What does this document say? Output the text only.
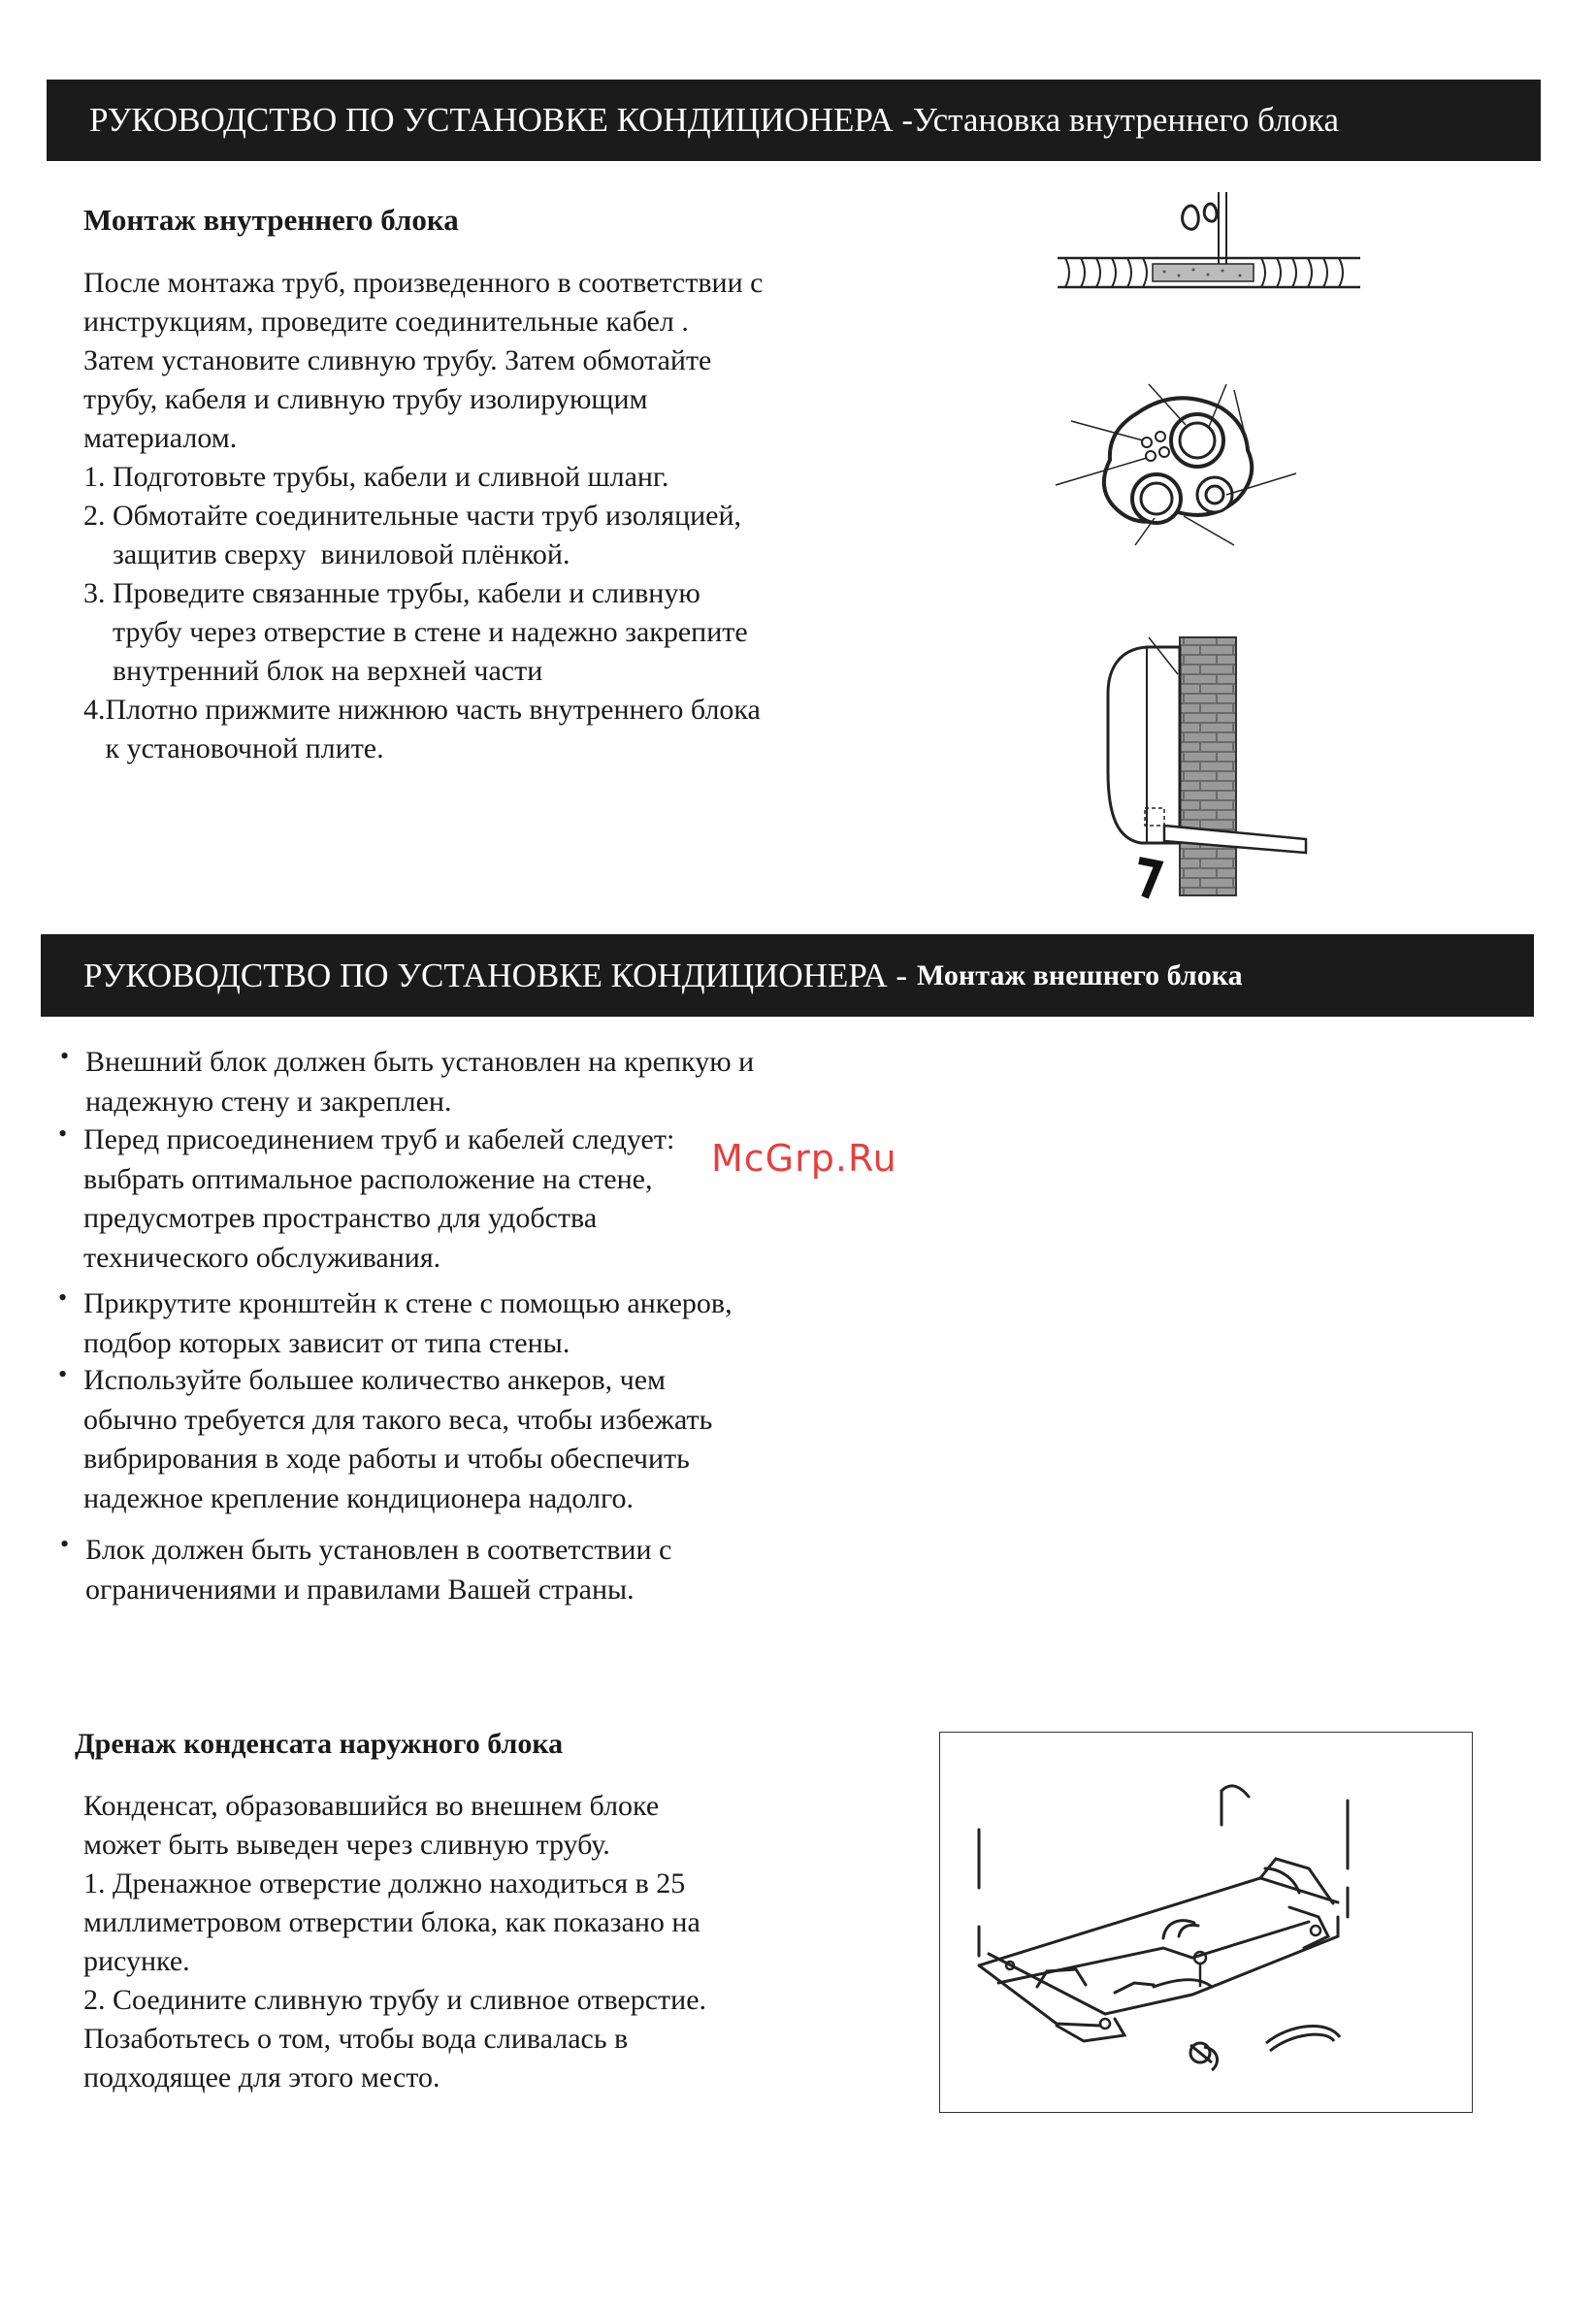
РУКОВОДСТВО ПО УСТАНОВКЕ КОНДИЦИОНЕРА - Установка внутреннего блока
Монтаж внутреннего блока
После монтажа труб, произведенного в соответствии с
инструкциям, проведите соединительные кабел .
Затем установите сливную трубу. Затем обмотайте
трубу, кабеля и сливную трубу изолирующим
материалом.
1. Подготовьте трубы, кабели и сливной шланг.
2. Обмотайте соединительные части труб изоляцией,
защитив сверху  виниловой плёнкой.
3. Проведите связанные трубы, кабели и сливную
трубу через отверстие в стене и надежно закрепите
внутренний блок на верхней части
4.Плотно прижмите нижнюю часть внутреннего блока
к установочной плите.
РУКОВОДСТВО ПО УСТАНОВКЕ КОНДИЦИОНЕРА - Монтаж внешнего блока
• Внешний блок должен быть установлен на крепкую и
надежную стену и закреплен.
• Перед присоединением труб и кабелей следует:
выбрать оптимальное расположение на стене,
предусмотрев пространство для удобства
технического обслуживания.
• Прикрутите кронштейн к стене с помощью анкеров,
подбор которых зависит от типа стены.
• Используйте большее количество анкеров, чем
обычно требуется для такого веса, чтобы избежать
вибрирования в ходе работы и чтобы обеспечить
надежное крепление кондиционера надолго.
• Блок должен быть установлен в соответствии с
ограничениями и правилами Вашей страны.
McGrp.Ru
Дренаж конденсата наружного блока
Конденсат, образовавшийся во внешнем блоке
может быть выведен через сливную трубу.
1. Дренажное отверстие должно находиться в 25
миллиметровом отверстии блока, как показано на
рисунке.
2. Соедините сливную трубу и сливное отверстие.
Позаботьтесь о том, чтобы вода сливалась в
подходящее для этого место.
